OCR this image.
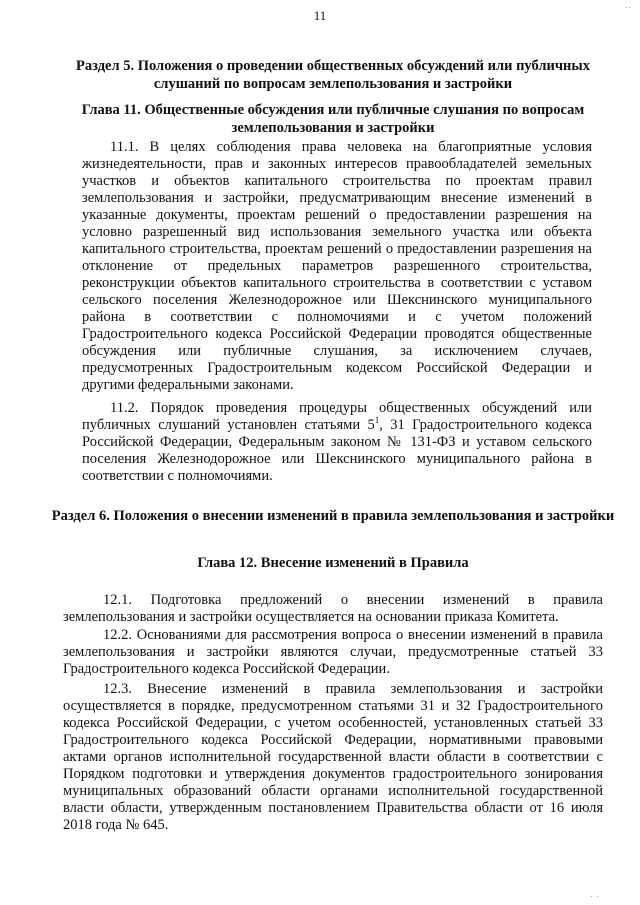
..
11
Раздел 5. Положения о проведении общественных обсуждений или публичных слушаний по вопросам землепользования и застройки
Глава 11. Общественные обсуждения или публичные слушания по вопросам землепользования и застройки
11.1. В целях соблюдения права человека на благоприятные условия жизнедеятельности, прав и законных интересов правообладателей земельных участков и объектов капитального строительства по проектам правил землепользования и застройки, предусматривающим внесение изменений в указанные документы, проектам решений о предоставлении разрешения на условно разрешенный вид использования земельного участка или объекта капитального строительства, проектам решений о предоставлении разрешения на отклонение от предельных параметров разрешенного строительства, реконструкции объектов капитального строительства в соответствии с уставом сельского поселения Железнодорожное или Шекснинского муниципального района в соответствии с полномочиями и с учетом положений Градостроительного кодекса Российской Федерации проводятся общественные обсуждения или публичные слушания, за исключением случаев, предусмотренных Градостроительным кодексом Российской Федерации и другими федеральными законами.
11.2. Порядок проведения процедуры общественных обсуждений или публичных слушаний установлен статьями $5^1$, 31 Градостроительного кодекса Российской Федерации, Федеральным законом № 131-ФЗ и уставом сельского поселения Железнодорожное или Шекснинского муниципального района в соответствии с полномочиями.
Раздел 6. Положения о внесении изменений в правила землепользования и застройки
Глава 12. Внесение изменений в Правила
12.1. Подготовка предложений о внесении изменений в правила землепользования и застройки осуществляется на основании приказа Комитета.
12.2. Основаниями для рассмотрения вопроса о внесении изменений в правила землепользования и застройки являются случаи, предусмотренные статьей 33 Градостроительного кодекса Российской Федерации.
12.3. Внесение изменений в правила землепользования и застройки осуществляется в порядке, предусмотренном статьями 31 и 32 Градостроительного кодекса Российской Федерации, с учетом особенностей, установленных статьей 33 Градостроительного кодекса Российской Федерации, нормативными правовыми актами органов исполнительной государственной власти области в соответствии с Порядком подготовки и утверждения документов градостроительного зонирования муниципальных образований области органами исполнительной государственной власти области, утвержденным постановлением Правительства области от 16 июля 2018 года № 645.
. .
